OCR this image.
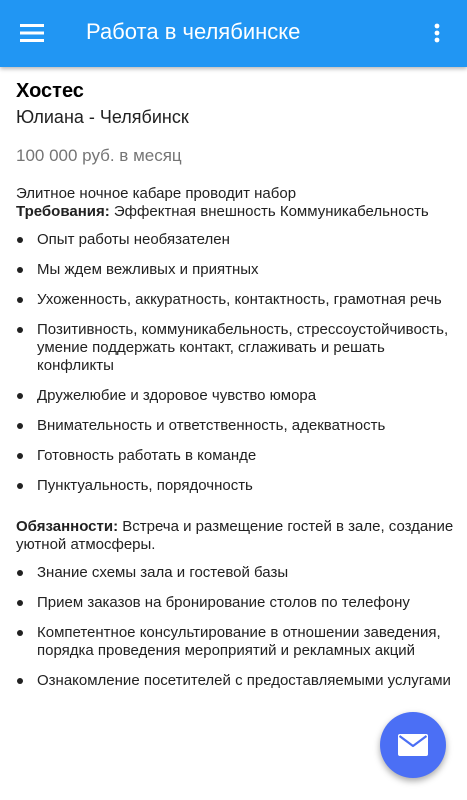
Работа в челябинске
Хостес
Юлиана - Челябинск
100 000 руб. в месяц
Элитное ночное кабаре проводит набор
Требования: Эффектная внешность Коммуникабельность
Опыт работы необязателен
Мы ждем вежливых и приятных
Ухоженность, аккуратность, контактность, грамотная речь
Позитивность, коммуникабельность, стрессоустойчивость, умение поддержать контакт, сглаживать и решать конфликты
Дружелюбие и здоровое чувство юмора
Внимательность и ответственность, адекватность
Готовность работать в команде
Пунктуальность, порядочность
Обязанности: Встреча и размещение гостей в зале, создание уютной атмосферы.
Знание схемы зала и гостевой базы
Прием заказов на бронирование столов по телефону
Компетентное консультирование в отношении заведения, порядка проведения мероприятий и рекламных акций
Ознакомление посетителей с предоставляемыми услугами
